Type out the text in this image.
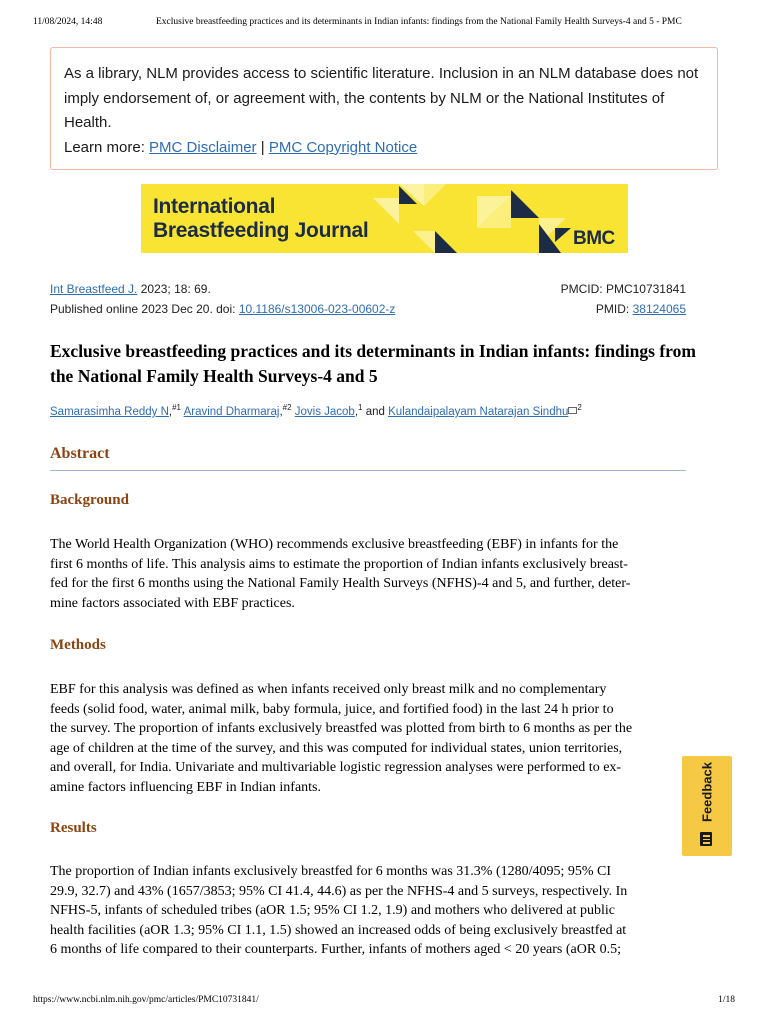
11/08/2024, 14:48	Exclusive breastfeeding practices and its determinants in Indian infants: findings from the National Family Health Surveys-4 and 5 - PMC

As a library, NLM provides access to scientific literature. Inclusion in an NLM database does not imply endorsement of, or agreement with, the contents by NLM or the National Institutes of Health.

Learn more: PMC Disclaimer | PMC Copyright Notice

International
Breastfeeding Journal	BMC
Int Breastfeed J. 2023; 18: 69.	PMCID: PMC10731841
Published online 2023 Dec 20. doi: 10.1186/s13006-023-00602-z	PMID: 38124065
Exclusive breastfeeding practices and its determinants in Indian infants: findings from the National Family Health Surveys-4 and 5
Samarasimha Reddy N,$^{\#1}$ Aravind Dharmaraj,$^{\#2}$ Jovis Jacob,$^1$ and Kulandaipalayam Natarajan Sindhu $^2$
Abstract
Background
The World Health Organization (WHO) recommends exclusive breastfeeding (EBF) in infants for the
first 6 months of life. This analysis aims to estimate the proportion of Indian infants exclusively breast-
fed for the first 6 months using the National Family Health Surveys (NFHS)-4 and 5, and further, deter-
mine factors associated with EBF practices.
Methods
EBF for this analysis was defined as when infants received only breast milk and no complementary
feeds (solid food, water, animal milk, baby formula, juice, and fortified food) in the last 24 h prior to
the survey. The proportion of infants exclusively breastfed was plotted from birth to 6 months as per the
age of children at the time of the survey, and this was computed for individual states, union territories,
and overall, for India. Univariate and multivariable logistic regression analyses were performed to ex-
amine factors influencing EBF in Indian infants.
Results
The proportion of Indian infants exclusively breastfed for 6 months was 31.3% (1280/4095; 95% CI
29.9, 32.7) and 43% (1657/3853; 95% CI 41.4, 44.6) as per the NFHS-4 and 5 surveys, respectively. In
NFHS-5, infants of scheduled tribes (aOR 1.5; 95% CI 1.2, 1.9) and mothers who delivered at public
health facilities (aOR 1.3; 95% CI 1.1, 1.5) showed an increased odds of being exclusively breastfed at
6 months of life compared to their counterparts. Further, infants of mothers aged < 20 years (aOR 0.5;
Feedback
https://www.ncbi.nlm.nih.gov/pmc/articles/PMC10731841/	1/18
